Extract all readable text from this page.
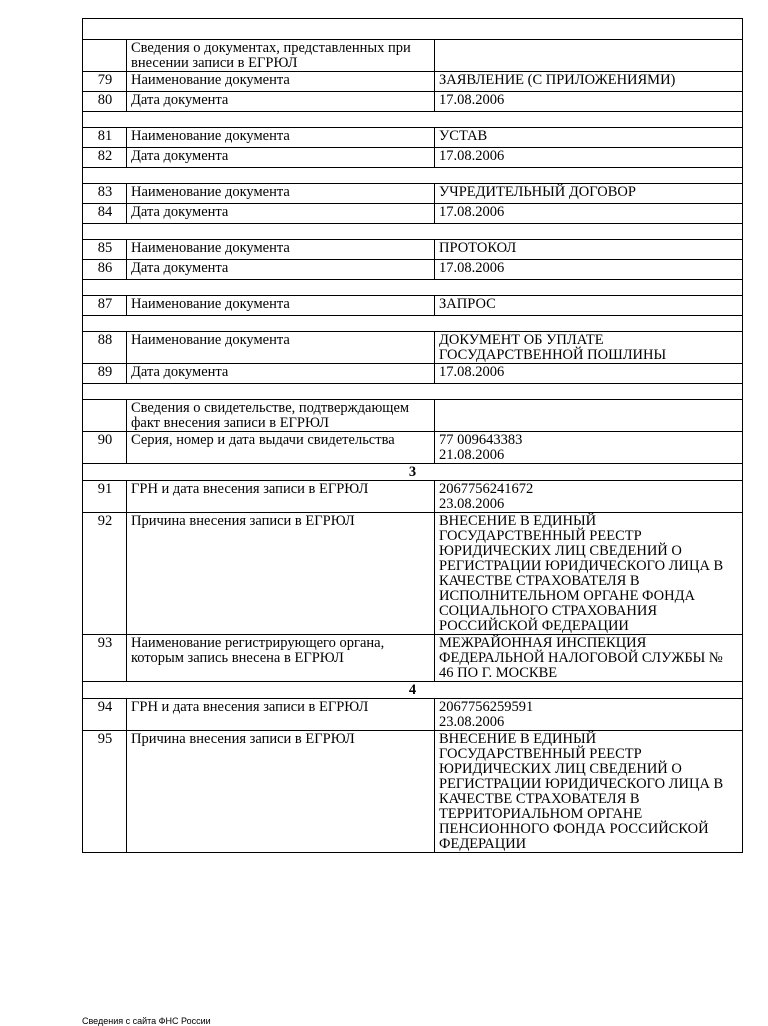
	Сведения о документах, представленных при внесении записи в ЕГРЮЛ	
79	Наименование документа	ЗАЯВЛЕНИЕ (С ПРИЛОЖЕНИЯМИ)
80	Дата документа	17.08.2006

81	Наименование документа	УСТАВ
82	Дата документа	17.08.2006

83	Наименование документа	УЧРЕДИТЕЛЬНЫЙ ДОГОВОР
84	Дата документа	17.08.2006

85	Наименование документа	ПРОТОКОЛ
86	Дата документа	17.08.2006

87	Наименование документа	ЗАПРОС

88	Наименование документа	ДОКУМЕНТ ОБ УПЛАТЕ ГОСУДАРСТВЕННОЙ ПОШЛИНЫ
89	Дата документа	17.08.2006

	Сведения о свидетельстве, подтверждающем факт внесения записи в ЕГРЮЛ	
90	Серия, номер и дата выдачи свидетельства	77 009643383
21.08.2006
3		
91	ГРН и дата внесения записи в ЕГРЮЛ	2067756241672
23.08.2006
92	Причина внесения записи в ЕГРЮЛ	ВНЕСЕНИЕ В ЕДИНЫЙ ГОСУДАРСТВЕННЫЙ РЕЕСТР ЮРИДИЧЕСКИХ ЛИЦ СВЕДЕНИЙ О РЕГИСТРАЦИИ ЮРИДИЧЕСКОГО ЛИЦА В КАЧЕСТВЕ СТРАХОВАТЕЛЯ В ИСПОЛНИТЕЛЬНОМ ОРГАНЕ ФОНДА СОЦИАЛЬНОГО СТРАХОВАНИЯ РОССИЙСКОЙ ФЕДЕРАЦИИ
93	Наименование регистрирующего органа, которым запись внесена в ЕГРЮЛ	МЕЖРАЙОННАЯ ИНСПЕКЦИЯ ФЕДЕРАЛЬНОЙ НАЛОГОВОЙ СЛУЖБЫ № 46 ПО Г. МОСКВЕ
4		
94	ГРН и дата внесения записи в ЕГРЮЛ	2067756259591
23.08.2006
95	Причина внесения записи в ЕГРЮЛ	ВНЕСЕНИЕ В ЕДИНЫЙ ГОСУДАРСТВЕННЫЙ РЕЕСТР ЮРИДИЧЕСКИХ ЛИЦ СВЕДЕНИЙ О РЕГИСТРАЦИИ ЮРИДИЧЕСКОГО ЛИЦА В КАЧЕСТВЕ СТРАХОВАТЕЛЯ В ТЕРРИТОРИАЛЬНОМ ОРГАНЕ ПЕНСИОННОГО ФОНДА РОССИЙСКОЙ ФЕДЕРАЦИИ
Сведения с сайта ФНС России
